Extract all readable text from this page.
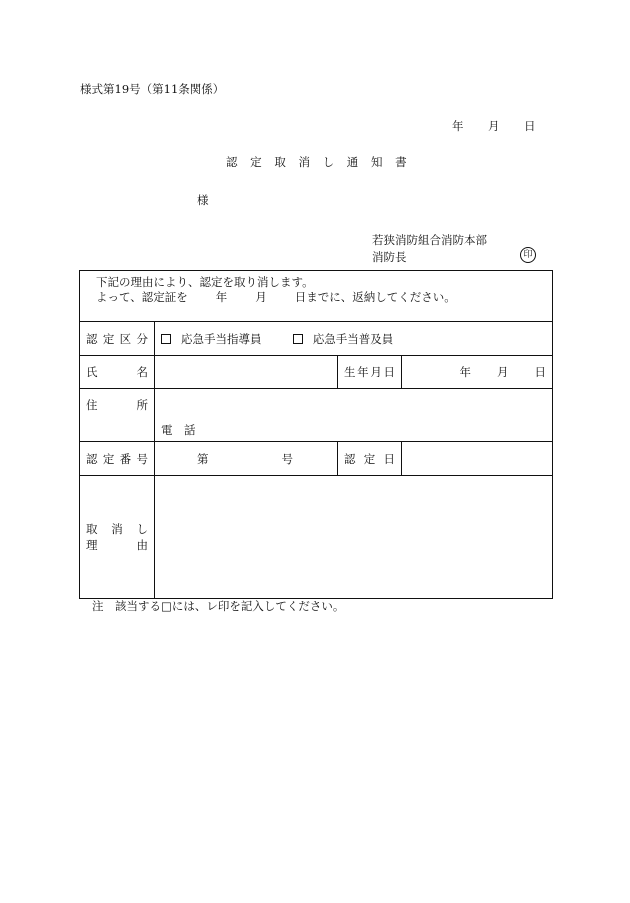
様式第19号（第11条関係）
年	月	日
認 定 取 消 し 通 知 書
様
若狭消防組合消防本部
消防長	印
下記の理由により、認定を取り消します。
よって、認定証を 年 月 日までに、返納してください。			

認 定 区 分	応急手当指導員 応急手当普及員		

氏 名		生 年 月 日	年 月 日

住 所	電　話		

認 定 番 号	第 号	認 定 日	

取 消 し
理 由			

注　該当する□には、レ印を記入してください。
